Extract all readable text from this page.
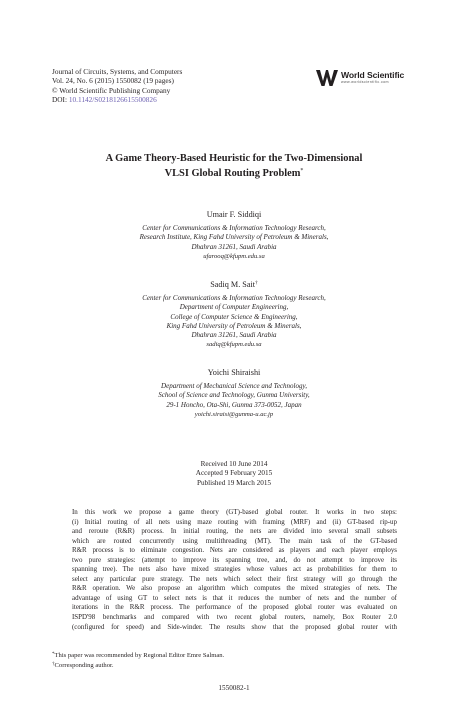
Journal of Circuits, Systems, and Computers
Vol. 24, No. 6 (2015) 1550082 (19 pages)
© World Scientific Publishing Company
DOI: 10.1142/S0218126615500826
World Scientific
www.worldscientific.com
A Game Theory-Based Heuristic for the Two-Dimensional
VLSI Global Routing Problem*
Umair F. Siddiqi
Center for Communications & Information Technology Research,
Research Institute, King Fahd University of Petroleum & Minerals,
Dhahran 31261, Saudi Arabia
ufarooq@kfupm.edu.sa
Sadiq M. Sait†
Center for Communications & Information Technology Research,
Department of Computer Engineering,
College of Computer Science & Engineering,
King Fahd University of Petroleum & Minerals,
Dhahran 31261, Saudi Arabia
sadiq@kfupm.edu.sa
Yoichi Shiraishi
Department of Mechanical Science and Technology,
School of Science and Technology, Gunma University,
29-1 Honcho, Ota-Shi, Gunma 373-0052, Japan
yoichi.siraisi@gunma-u.ac.jp
Received 10 June 2014
Accepted 9 February 2015
Published 19 March 2015
In this work we propose a game theory (GT)-based global router. It works in two steps:
(i) Initial routing of all nets using maze routing with framing (MRF) and (ii) GT-based rip-up
and reroute (R&R) process. In initial routing, the nets are divided into several small subsets
which are routed concurrently using multithreading (MT). The main task of the GT-based
R&R process is to eliminate congestion. Nets are considered as players and each player employs
two pure strategies: (attempt to improve its spanning tree, and, do not attempt to improve its
spanning tree). The nets also have mixed strategies whose values act as probabilities for them to
select any particular pure strategy. The nets which select their first strategy will go through the
R&R operation. We also propose an algorithm which computes the mixed strategies of nets. The
advantage of using GT to select nets is that it reduces the number of nets and the number of
iterations in the R&R process. The performance of the proposed global router was evaluated on
ISPD'98 benchmarks and compared with two recent global routers, namely, Box Router 2.0
(configured for speed) and Side-winder. The results show that the proposed global router with
*This paper was recommended by Regional Editor Emre Salman.
†Corresponding author.
1550082-1
